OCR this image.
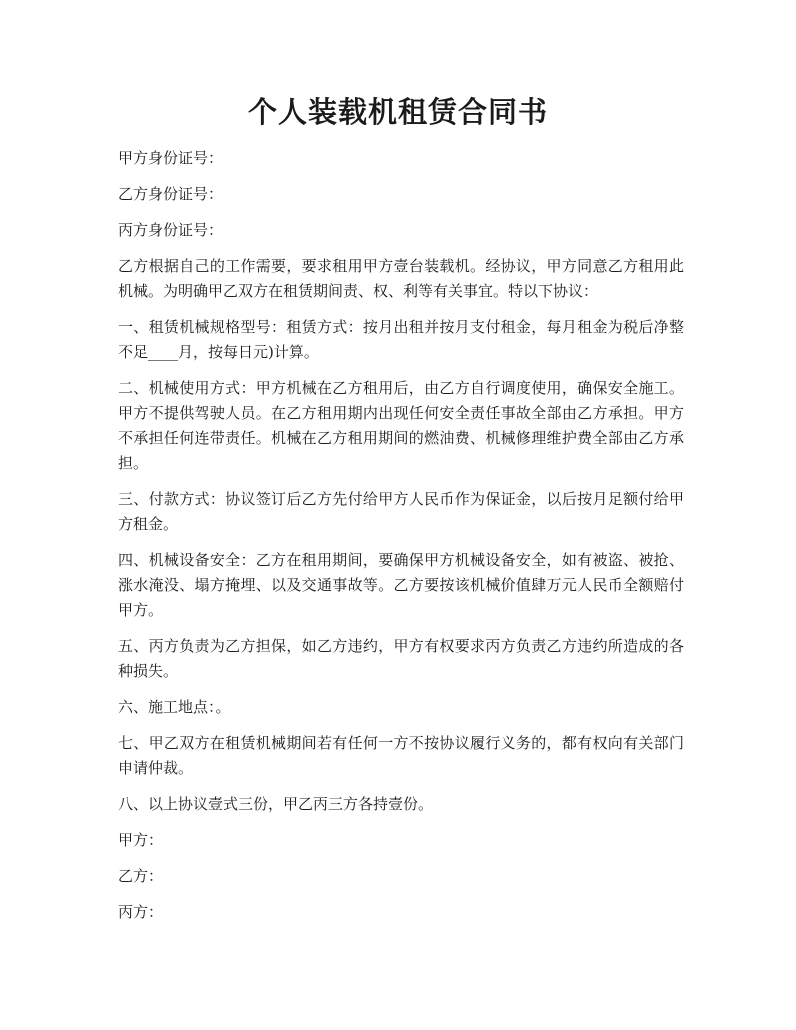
个人装载机租赁合同书

甲方身份证号：

乙方身份证号：

丙方身份证号：

乙方根据自己的工作需要，要求租用甲方壹台装载机。经协议，甲方同意乙方租用此机械。为明确甲乙双方在租赁期间责、权、利等有关事宜。特以下协议：

一、租赁机械规格型号：租赁方式：按月出租并按月支付租金，每月租金为税后净整不足____月，按每日元)计算。

二、机械使用方式：甲方机械在乙方租用后，由乙方自行调度使用，确保安全施工。甲方不提供驾驶人员。在乙方租用期内出现任何安全责任事故全部由乙方承担。甲方不承担任何连带责任。机械在乙方租用期间的燃油费、机械修理维护费全部由乙方承担。

三、付款方式：协议签订后乙方先付给甲方人民币作为保证金，以后按月足额付给甲方租金。

四、机械设备安全：乙方在租用期间，要确保甲方机械设备安全，如有被盗、被抢、涨水淹没、塌方掩埋、以及交通事故等。乙方要按该机械价值肆万元人民币全额赔付甲方。

五、丙方负责为乙方担保，如乙方违约，甲方有权要求丙方负责乙方违约所造成的各种损失。

六、施工地点：。

七、甲乙双方在租赁机械期间若有任何一方不按协议履行义务的，都有权向有关部门申请仲裁。

八、以上协议壹式三份，甲乙丙三方各持壹份。

甲方：

乙方：

丙方：
